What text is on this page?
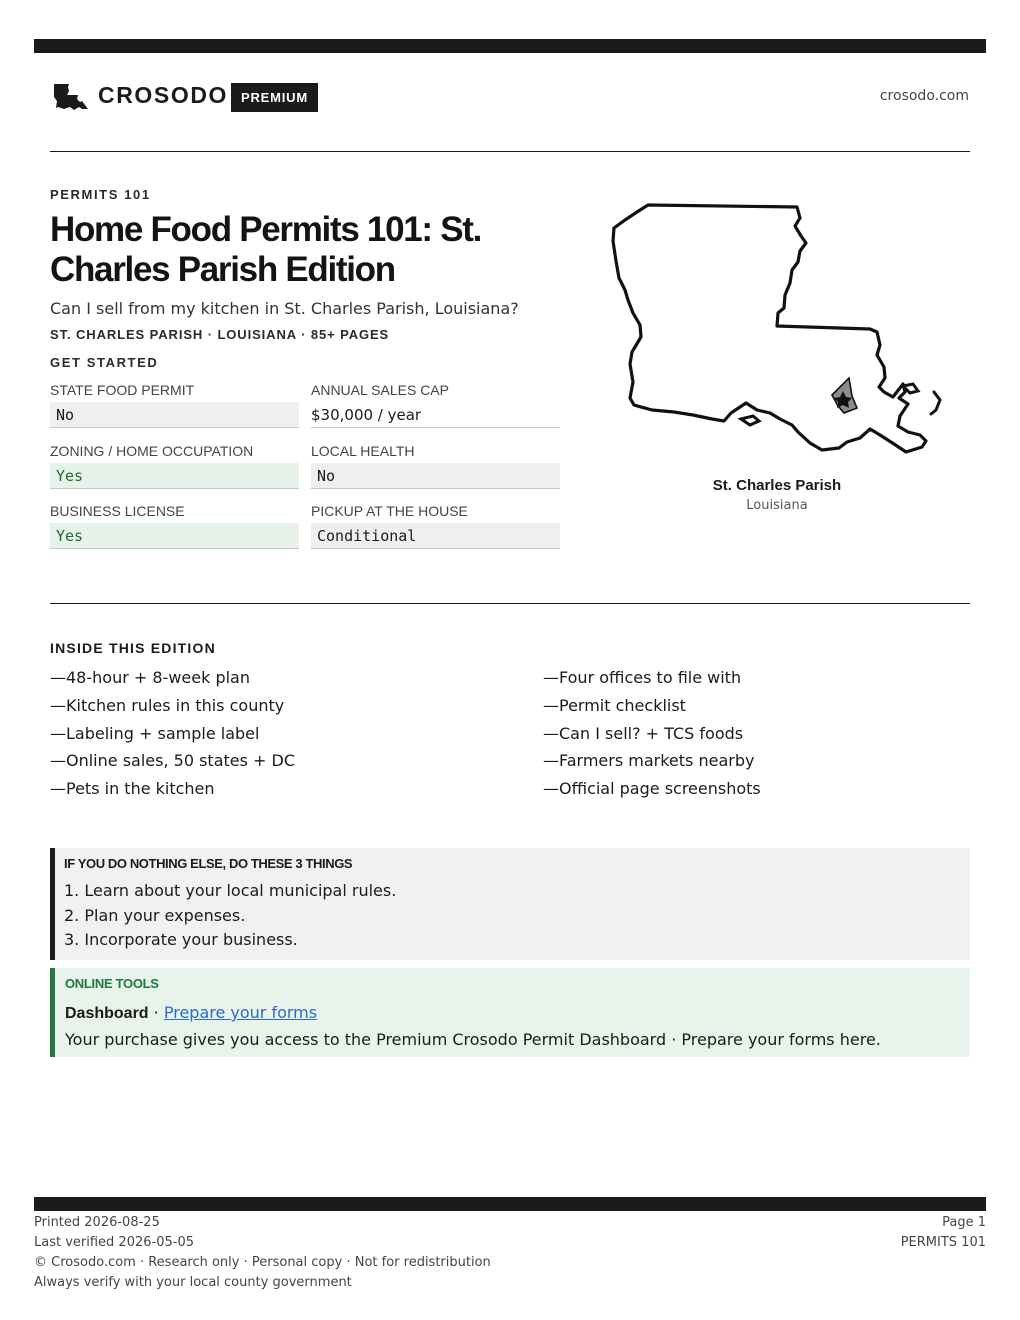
CROSODO PREMIUM	crosodo.com
PERMITS 101
Home Food Permits 101: St. Charles Parish Edition

Can I sell from my kitchen in St. Charles Parish, Louisiana?

ST. CHARLES PARISH · LOUISIANA · 85+ PAGES
GET STARTED
STATE FOOD PERMIT
No
ANNUAL SALES CAP
$30,000 / year
ZONING / HOME OCCUPATION
Yes
LOCAL HEALTH
No
BUSINESS LICENSE
Yes
PICKUP AT THE HOUSE
Conditional
St. Charles Parish
Louisiana
INSIDE THIS EDITION
—48-hour + 8-week plan
—Kitchen rules in this county
—Labeling + sample label
—Online sales, 50 states + DC
—Pets in the kitchen
—Four offices to file with
—Permit checklist
—Can I sell? + TCS foods
—Farmers markets nearby
—Official page screenshots
IF YOU DO NOTHING ELSE, DO THESE 3 THINGS
1. Learn about your local municipal rules.
2. Plan your expenses.
3. Incorporate your business.
ONLINE TOOLS
Dashboard · Prepare your forms
Your purchase gives you access to the Premium Crosodo Permit Dashboard · Prepare your forms here.
Printed 2026-08-25
Last verified 2026-05-05
© Crosodo.com · Research only · Personal copy · Not for redistribution
Always verify with your local county government
Page 1
PERMITS 101
